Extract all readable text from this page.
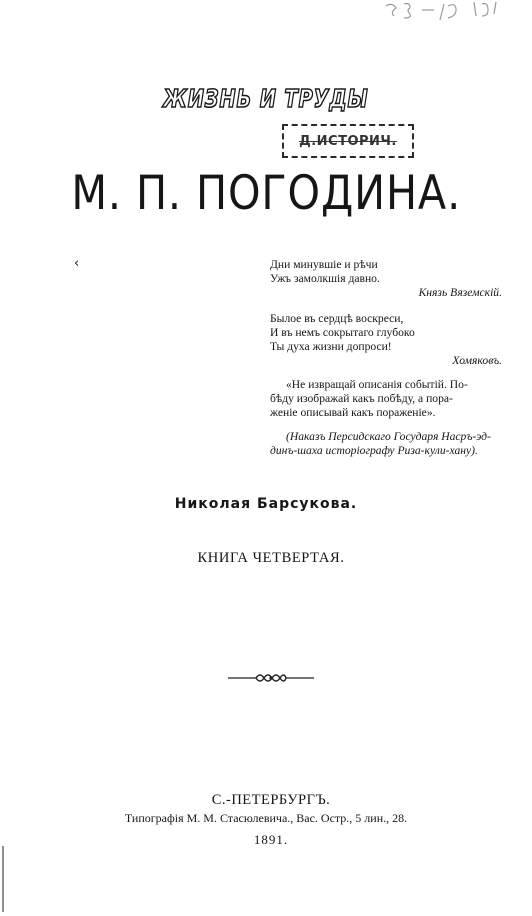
ЖИЗНЬ И ТРУДЫ
Д.ИСТОРИЧ.
М. П. ПОГОДИНА.
‹	Дни минувшіе и рѣчи
Ужъ замолкшія давно.
Князь Вяземскій.
Былое въ сердцѣ воскреси,
И въ немъ сокрытаго глубоко
Ты духа жизни допроси!
Хомяковъ.
«Не извращай описанія событій. По-
бѣду изображай какъ побѣду, а пора-
женіе описывай какъ пораженіе».
(Наказъ Персидскаго Государя Насръ-эд-
динъ-шаха исторіографу Риза-кули-хану).
Николая Барсукова.
КНИГА ЧЕТВЕРТАЯ.
С.-ПЕТЕРБУРГЪ.
Типографія М. М. Стасюлевича., Вас. Остр., 5 лин., 28.
1891.
